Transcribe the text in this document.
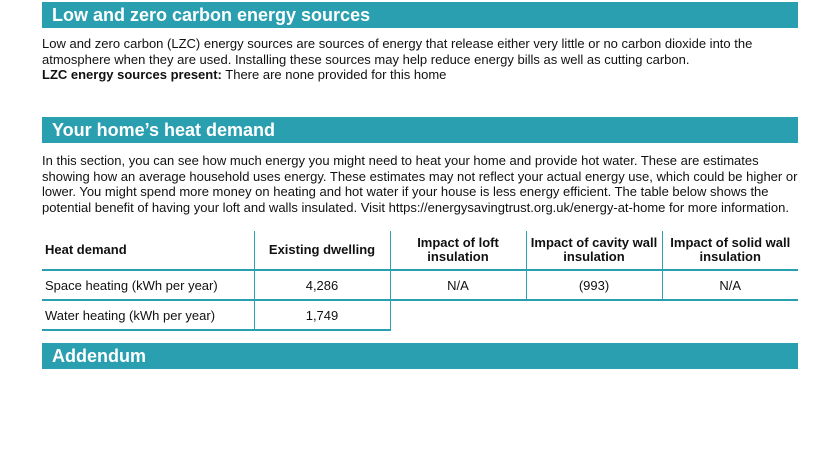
Low and zero carbon energy sources

Low and zero carbon (LZC) energy sources are sources of energy that release either very little or no carbon dioxide into the atmosphere when they are used. Installing these sources may help reduce energy bills as well as cutting carbon.
LZC energy sources present: There are none provided for this home

Your home’s heat demand

In this section, you can see how much energy you might need to heat your home and provide hot water. These are estimates showing how an average household uses energy. These estimates may not reflect your actual energy use, which could be higher or lower. You might spend more money on heating and hot water if your house is less energy efficient. The table below shows the potential benefit of having your loft and walls insulated. Visit https://energysavingtrust.org.uk/energy-at-home for more information.

Heat demand	Existing dwelling	Impact of loft insulation	Impact of cavity wall insulation	Impact of solid wall insulation
Space heating (kWh per year)	4,286	N/A	(993)	N/A
Water heating (kWh per year)	1,749			
Addendum
